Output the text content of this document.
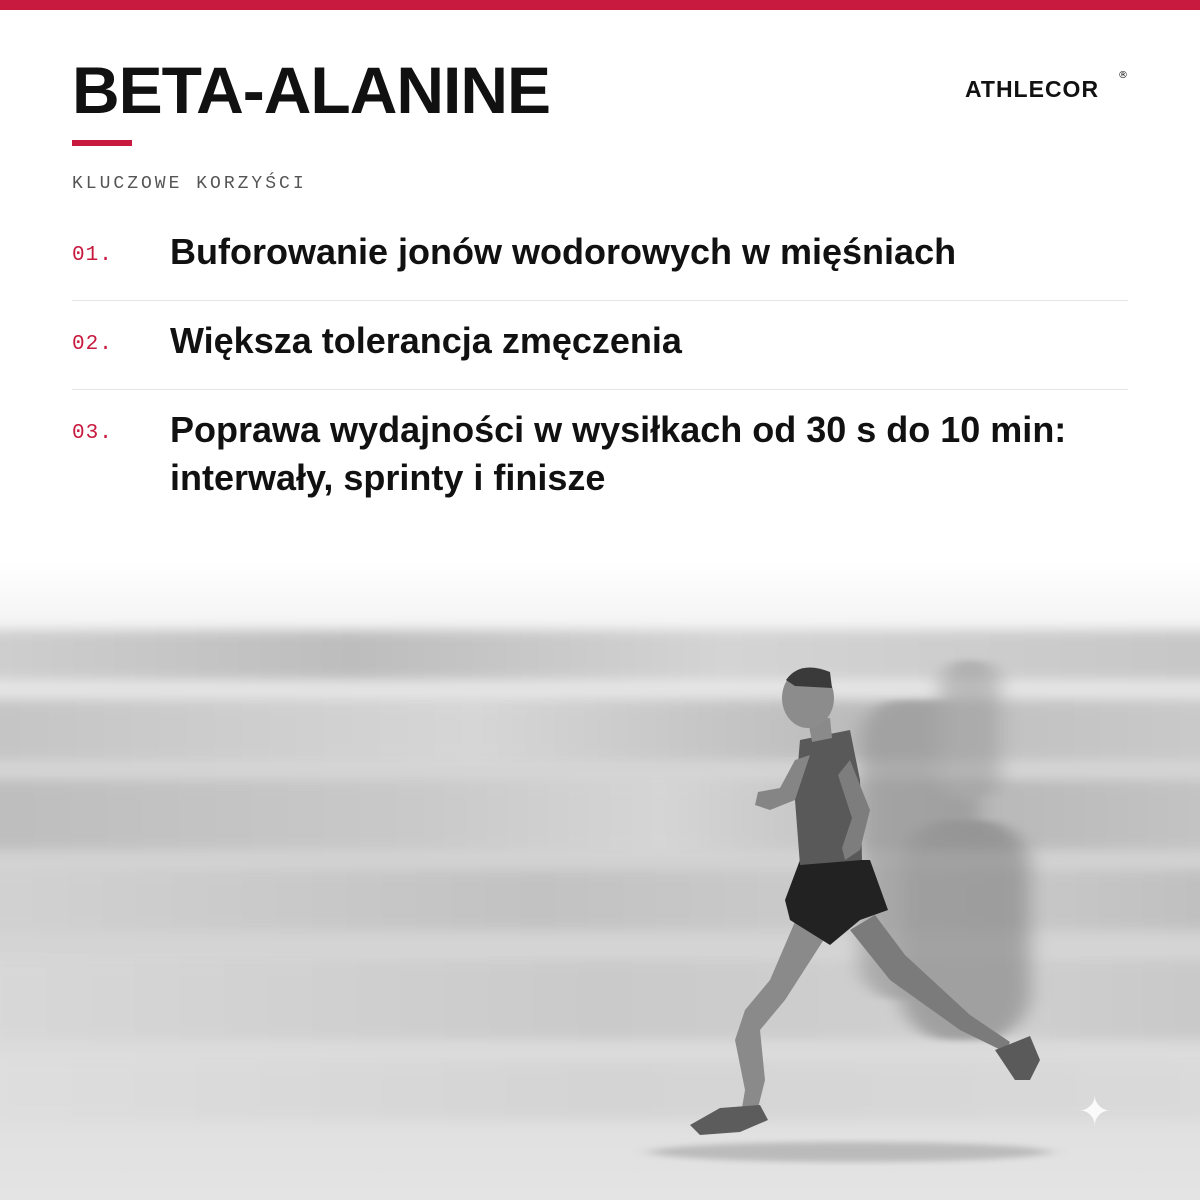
BETA-ALANINE	ATHLECOR
®
KLUCZOWE KORZYŚCI
01.	Buforowanie jonów wodorowych w mięśniach
02.	Większa tolerancja zmęczenia
03.	Poprawa wydajności w wysiłkach od 30 s do 10 min: interwały, sprinty i finisze
✦
